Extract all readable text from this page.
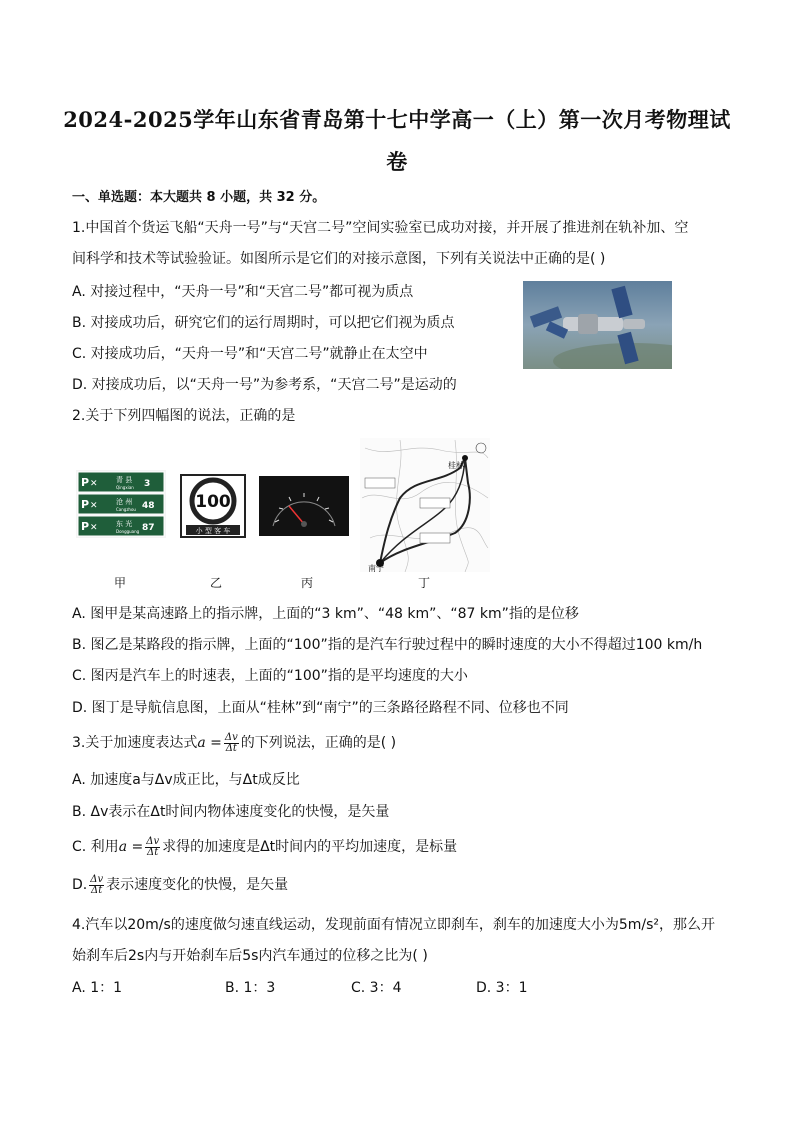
2024-2025学年山东省青岛第十七中学高一（上）第一次月考物理试
卷
一、单选题：本大题共 8 小题，共 32 分。
1.中国首个货运飞船“天舟一号”与“天宫二号”空间实验室已成功对接，并开展了推进剂在轨补加、空
间科学和技术等试验验证。如图所示是它们的对接示意图，下列有关说法中正确的是( )
A. 对接过程中，“天舟一号”和“天宫二号”都可视为质点
B. 对接成功后，研究它们的运行周期时，可以把它们视为质点
C. 对接成功后，“天舟一号”和“天宫二号”就静止在太空中
D. 对接成功后，以“天舟一号”为参考系，“天宫二号”是运动的
2.关于下列四幅图的说法，正确的是
P
P
P
✕
✕
✕
青 县
Qingxian 3
沧 州
Cangzhou 48
东 光
Dongguang 87
100
小 型 客 车
桂林
南宁
甲	乙	丙	丁
A. 图甲是某高速路上的指示牌，上面的“3 km”、“48 km”、“87 km”指的是位移
B. 图乙是某路段的指示牌，上面的“100”指的是汽车行驶过程中的瞬时速度的大小不得超过100 km/h
C. 图丙是汽车上的时速表，上面的“100”指的是平均速度的大小
D. 图丁是导航信息图，上面从“桂林”到“南宁”的三条路径路程不同、位移也不同
3.关于加速度表达式$a = \frac{\Delta v}{\Delta t}$ 的下列说法，正确的是( )
A. 加速度a与Δv成正比，与Δt成反比
B. Δv表示在Δt时间内物体速度变化的快慢，是矢量
C. 利用$a = \frac{\Delta v}{\Delta t}$ 求得的加速度是Δt时间内的平均加速度，是标量
D. $\frac{\Delta v}{\Delta t}$ 表示速度变化的快慢，是矢量
4.汽车以20m/s的速度做匀速直线运动，发现前面有情况立即刹车，刹车的加速度大小为5m/s²，那么开
始刹车后2s内与开始刹车后5s内汽车通过的位移之比为( )
A. 1：1	B. 1：3	C. 3：4	D. 3：1
